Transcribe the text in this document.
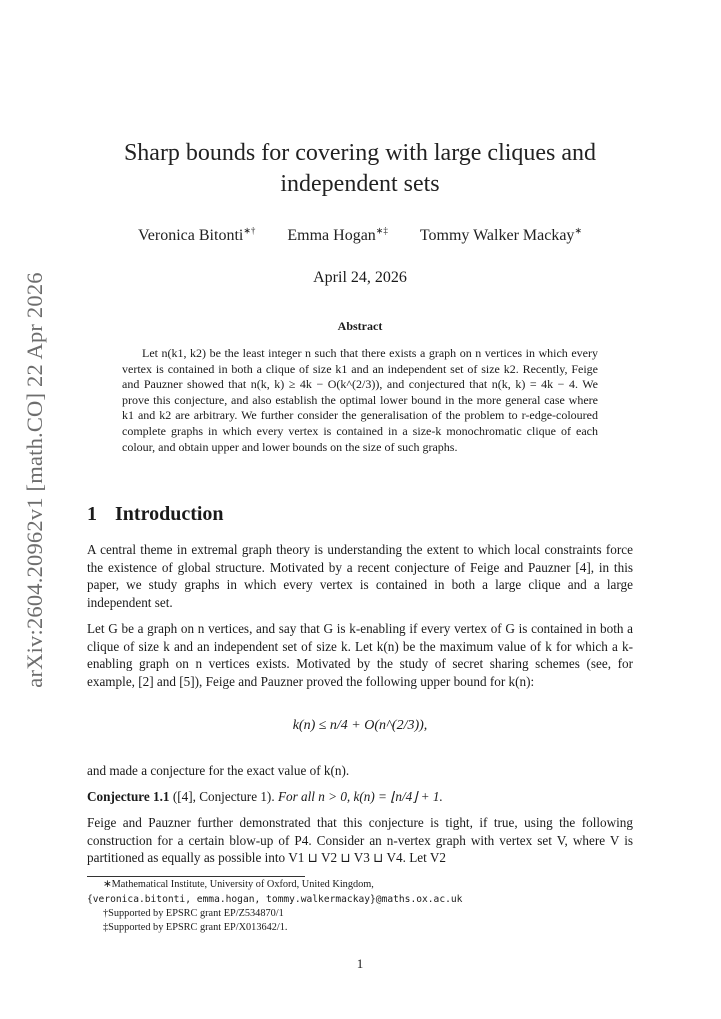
arXiv:2604.20962v1 [math.CO] 22 Apr 2026
Sharp bounds for covering with large cliques and
independent sets
Veronica Bitonti∗† Emma Hogan∗‡ Tommy Walker Mackay∗
April 24, 2026
Abstract
Let n(k1, k2) be the least integer n such that there exists a graph on n vertices in which every vertex is contained in both a clique of size k1 and an independent set of size k2. Recently, Feige and Pauzner showed that n(k, k) ≥ 4k − O(k^(2/3)), and conjectured that n(k, k) = 4k − 4. We prove this conjecture, and also establish the optimal lower bound in the more general case where k1 and k2 are arbitrary. We further consider the generalisation of the problem to r-edge-coloured complete graphs in which every vertex is contained in a size-k monochromatic clique of each colour, and obtain upper and lower bounds on the size of such graphs.
1 Introduction
A central theme in extremal graph theory is understanding the extent to which local constraints force the existence of global structure. Motivated by a recent conjecture of Feige and Pauzner [4], in this paper, we study graphs in which every vertex is contained in both a large clique and a large independent set.
Let G be a graph on n vertices, and say that G is k-enabling if every vertex of G is contained in both a clique of size k and an independent set of size k. Let k(n) be the maximum value of k for which a k-enabling graph on n vertices exists. Motivated by the study of secret sharing schemes (see, for example, [2] and [5]), Feige and Pauzner proved the following upper bound for k(n):
k(n) ≤ n/4 + O(n^(2/3)),
and made a conjecture for the exact value of k(n).
Conjecture 1.1 ([4], Conjecture 1). For all n > 0, k(n) = ⌊n/4⌋ + 1.
Feige and Pauzner further demonstrated that this conjecture is tight, if true, using the following construction for a certain blow-up of P4. Consider an n-vertex graph with vertex set V, where V is partitioned as equally as possible into V1 ⊔ V2 ⊔ V3 ⊔ V4. Let V2
∗Mathematical Institute, University of Oxford, United Kingdom,
{veronica.bitonti, emma.hogan, tommy.walkermackay}@maths.ox.ac.uk
†Supported by EPSRC grant EP/Z534870/1
‡Supported by EPSRC grant EP/X013642/1.
1
